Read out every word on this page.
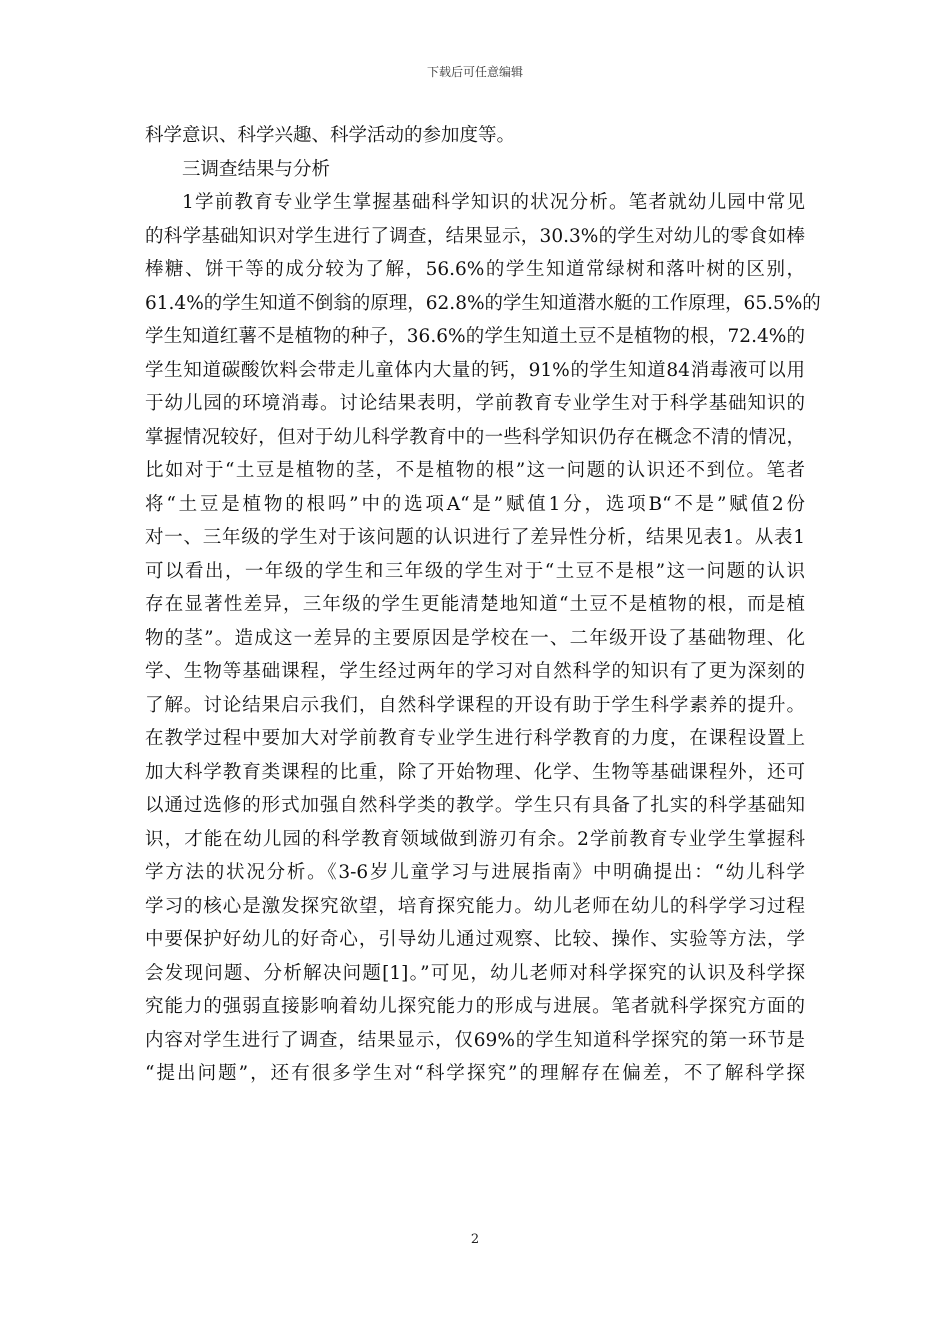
下载后可任意编辑
科学意识、科学兴趣、科学活动的参加度等。
三调查结果与分析
1学前教育专业学生掌握基础科学知识的状况分析。笔者就幼儿园中常见
的科学基础知识对学生进行了调查，结果显示，30.3%的学生对幼儿的零食如棒
棒糖、饼干等的成分较为了解，56.6%的学生知道常绿树和落叶树的区别，
61.4%的学生知道不倒翁的原理，62.8%的学生知道潜水艇的工作原理，65.5%的
学生知道红薯不是植物的种子，36.6%的学生知道土豆不是植物的根，72.4%的
学生知道碳酸饮料会带走儿童体内大量的钙，91%的学生知道84消毒液可以用
于幼儿园的环境消毒。讨论结果表明，学前教育专业学生对于科学基础知识的
掌握情况较好，但对于幼儿科学教育中的一些科学知识仍存在概念不清的情况，
比如对于“土豆是植物的茎，不是植物的根”这一问题的认识还不到位。笔者
将“土豆是植物的根吗”中的选项A“是”赋值1分，选项B“不是”赋值2份
对一、三年级的学生对于该问题的认识进行了差异性分析，结果见表1。从表1
可以看出，一年级的学生和三年级的学生对于“土豆不是根”这一问题的认识
存在显著性差异，三年级的学生更能清楚地知道“土豆不是植物的根，而是植
物的茎”。造成这一差异的主要原因是学校在一、二年级开设了基础物理、化
学、生物等基础课程，学生经过两年的学习对自然科学的知识有了更为深刻的
了解。讨论结果启示我们，自然科学课程的开设有助于学生科学素养的提升。
在教学过程中要加大对学前教育专业学生进行科学教育的力度，在课程设置上
加大科学教育类课程的比重，除了开始物理、化学、生物等基础课程外，还可
以通过选修的形式加强自然科学类的教学。学生只有具备了扎实的科学基础知
识，才能在幼儿园的科学教育领域做到游刃有余。2学前教育专业学生掌握科
学方法的状况分析。《3-6岁儿童学习与进展指南》中明确提出：“幼儿科学
学习的核心是激发探究欲望，培育探究能力。幼儿老师在幼儿的科学学习过程
中要保护好幼儿的好奇心，引导幼儿通过观察、比较、操作、实验等方法，学
会发现问题、分析解决问题[1]。”可见，幼儿老师对科学探究的认识及科学探
究能力的强弱直接影响着幼儿探究能力的形成与进展。笔者就科学探究方面的
内容对学生进行了调查，结果显示，仅69%的学生知道科学探究的第一环节是
“提出问题”，还有很多学生对“科学探究”的理解存在偏差，不了解科学探
2
